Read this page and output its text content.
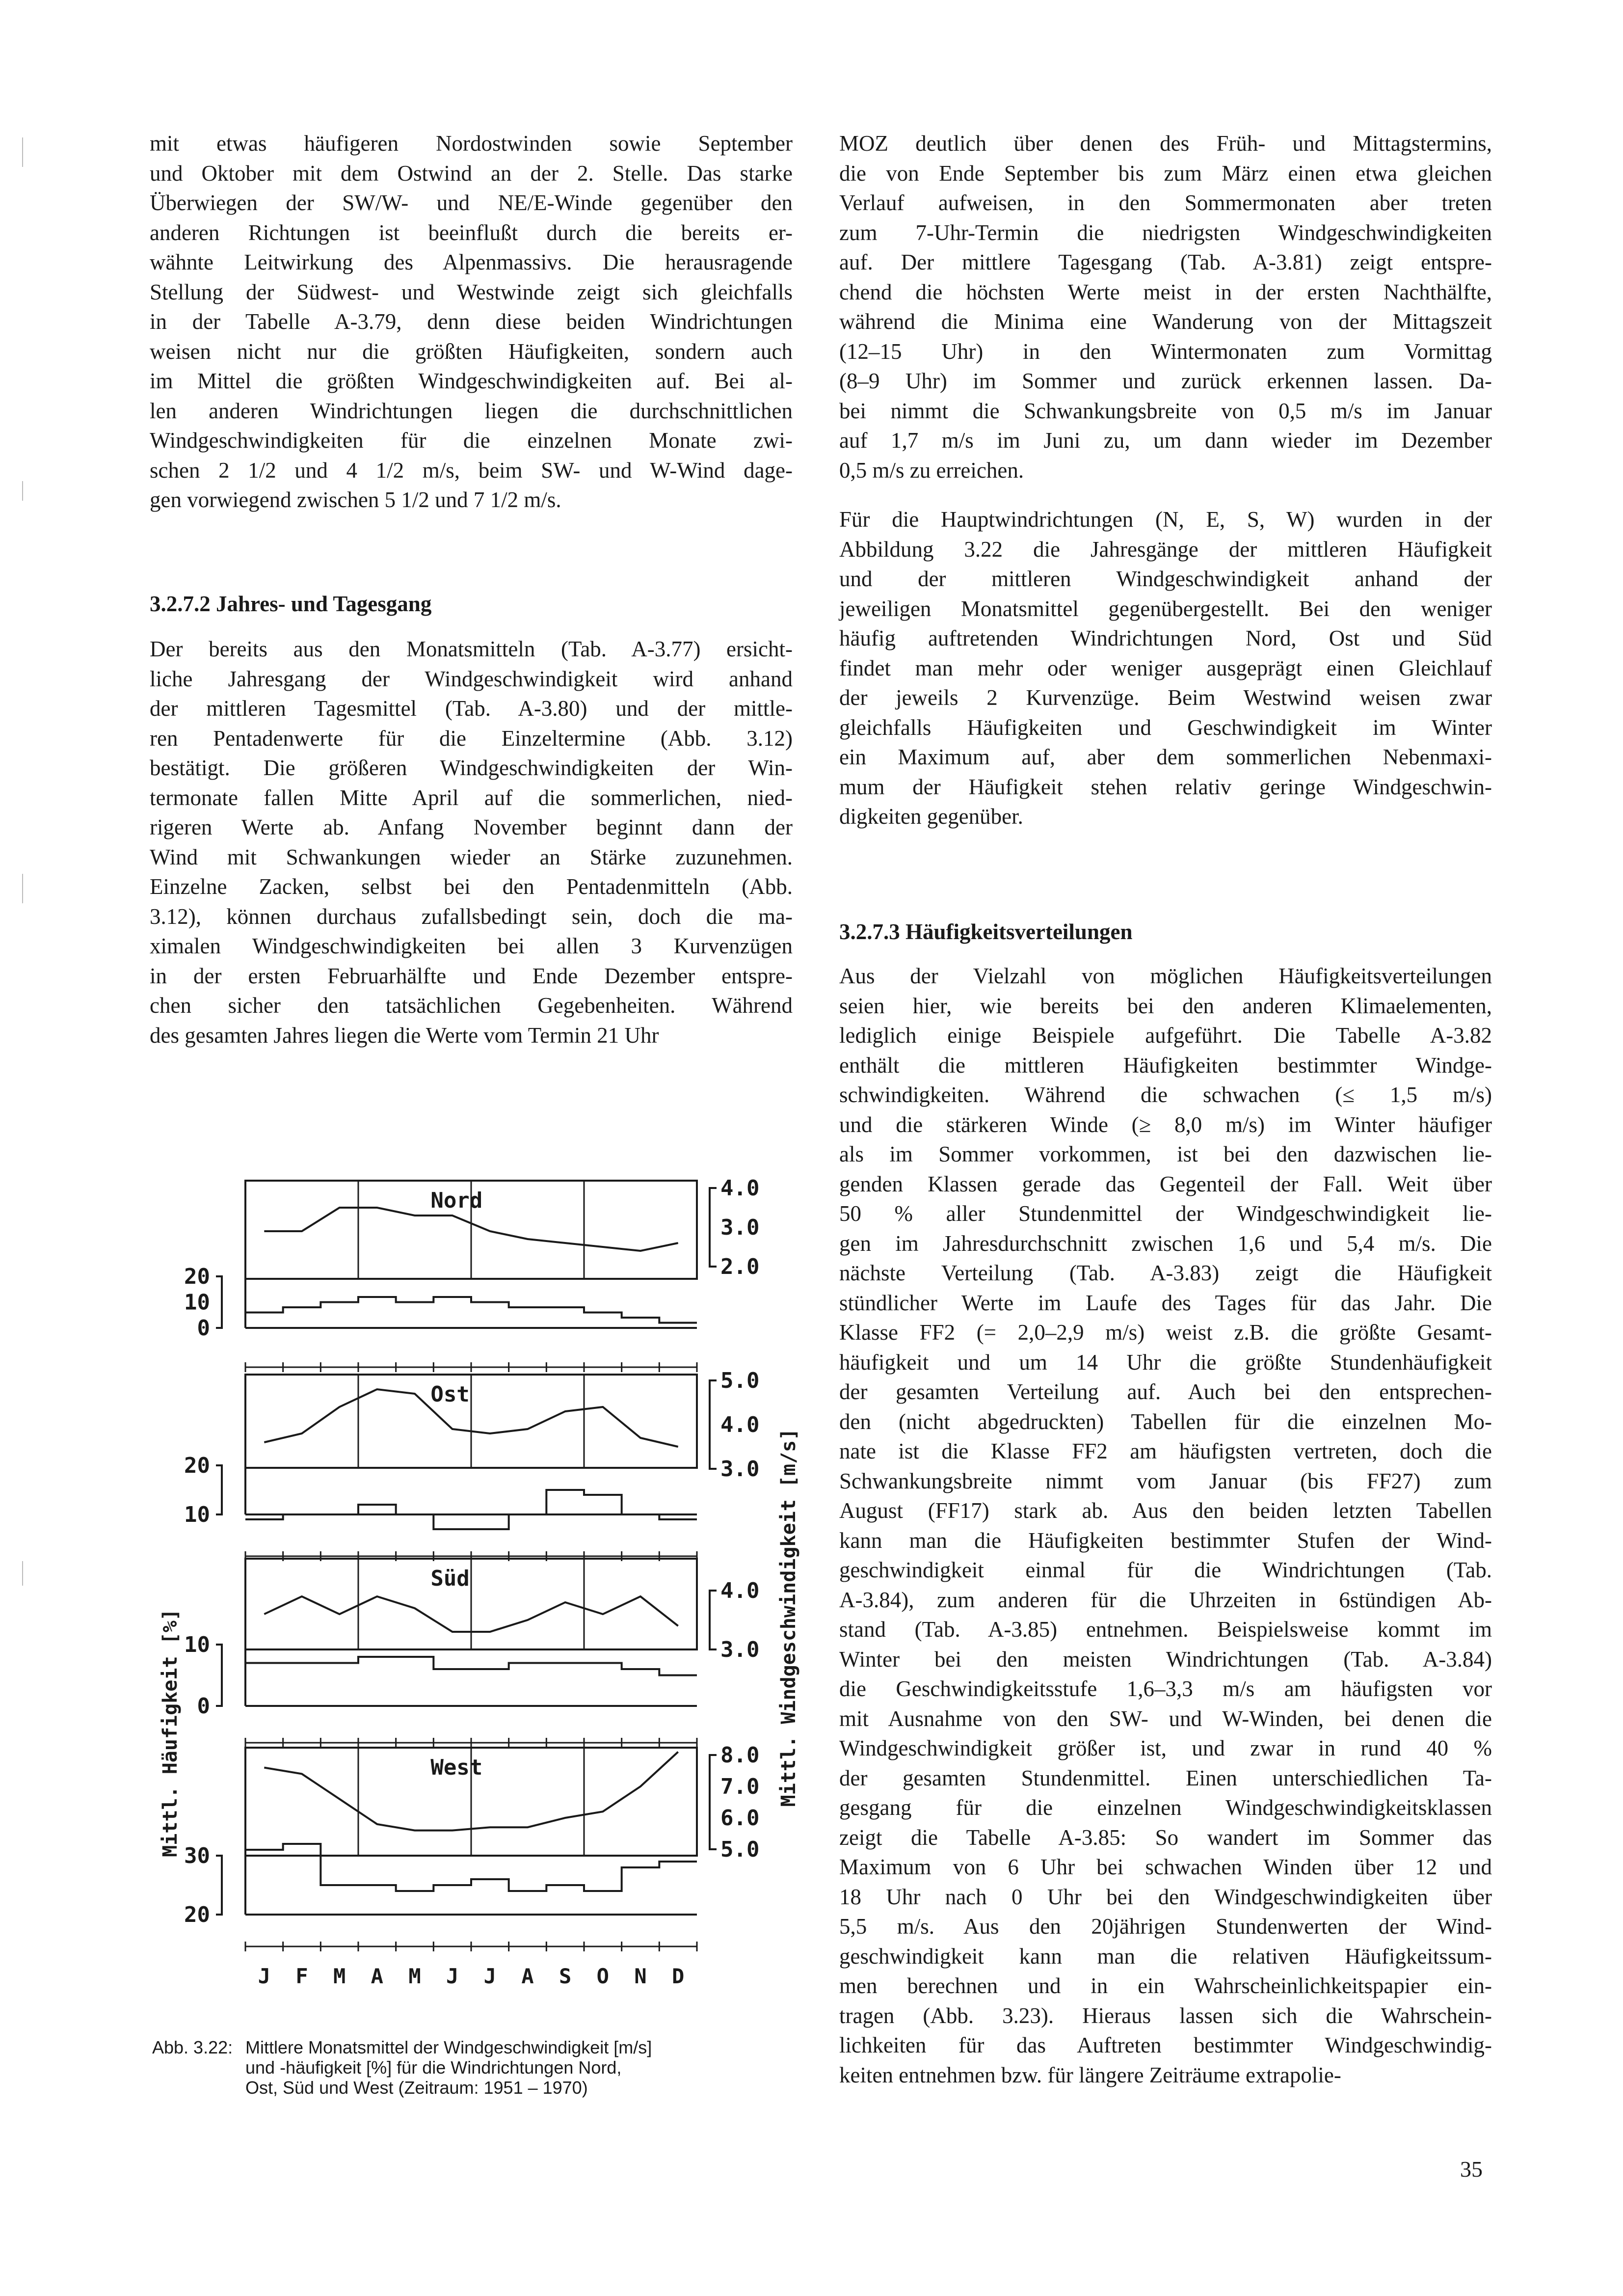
mit etwas häufigeren Nordostwinden sowie September
und Oktober mit dem Ostwind an der 2. Stelle. Das starke
Überwiegen der SW/W- und NE/E-Winde gegenüber den
anderen Richtungen ist beeinflußt durch die bereits er-
wähnte Leitwirkung des Alpenmassivs. Die herausragende
Stellung der Südwest- und Westwinde zeigt sich gleichfalls
in der Tabelle A-3.79, denn diese beiden Windrichtungen
weisen nicht nur die größten Häufigkeiten, sondern auch
im Mittel die größten Windgeschwindigkeiten auf. Bei al-
len anderen Windrichtungen liegen die durchschnittlichen
Windgeschwindigkeiten für die einzelnen Monate zwi-
schen 2 1/2 und 4 1/2 m/s, beim SW- und W-Wind dage-
gen vorwiegend zwischen 5 1/2 und 7 1/2 m/s.
3.2.7.2 Jahres- und Tagesgang
Der bereits aus den Monatsmitteln (Tab. A-3.77) ersicht-
liche Jahresgang der Windgeschwindigkeit wird anhand
der mittleren Tagesmittel (Tab. A-3.80) und der mittle-
ren Pentadenwerte für die Einzeltermine (Abb. 3.12)
bestätigt. Die größeren Windgeschwindigkeiten der Win-
termonate fallen Mitte April auf die sommerlichen, nied-
rigeren Werte ab. Anfang November beginnt dann der
Wind mit Schwankungen wieder an Stärke zuzunehmen.
Einzelne Zacken, selbst bei den Pentadenmitteln (Abb.
3.12), können durchaus zufallsbedingt sein, doch die ma-
ximalen Windgeschwindigkeiten bei allen 3 Kurvenzügen
in der ersten Februarhälfte und Ende Dezember entspre-
chen sicher den tatsächlichen Gegebenheiten. Während
des gesamten Jahres liegen die Werte vom Termin 21 Uhr
MOZ deutlich über denen des Früh- und Mittagstermins,
die von Ende September bis zum März einen etwa gleichen
Verlauf aufweisen, in den Sommermonaten aber treten
zum 7-Uhr-Termin die niedrigsten Windgeschwindigkeiten
auf. Der mittlere Tagesgang (Tab. A-3.81) zeigt entspre-
chend die höchsten Werte meist in der ersten Nachthälfte,
während die Minima eine Wanderung von der Mittagszeit
(12–15 Uhr) in den Wintermonaten zum Vormittag
(8–9 Uhr) im Sommer und zurück erkennen lassen. Da-
bei nimmt die Schwankungsbreite von 0,5 m/s im Januar
auf 1,7 m/s im Juni zu, um dann wieder im Dezember
0,5 m/s zu erreichen.
Für die Hauptwindrichtungen (N, E, S, W) wurden in der
Abbildung 3.22 die Jahresgänge der mittleren Häufigkeit
und der mittleren Windgeschwindigkeit anhand der
jeweiligen Monatsmittel gegenübergestellt. Bei den weniger
häufig auftretenden Windrichtungen Nord, Ost und Süd
findet man mehr oder weniger ausgeprägt einen Gleichlauf
der jeweils 2 Kurvenzüge. Beim Westwind weisen zwar
gleichfalls Häufigkeiten und Geschwindigkeit im Winter
ein Maximum auf, aber dem sommerlichen Nebenmaxi-
mum der Häufigkeit stehen relativ geringe Windgeschwin-
digkeiten gegenüber.
3.2.7.3 Häufigkeitsverteilungen
Aus der Vielzahl von möglichen Häufigkeitsverteilungen
seien hier, wie bereits bei den anderen Klimaelementen,
lediglich einige Beispiele aufgeführt. Die Tabelle A-3.82
enthält die mittleren Häufigkeiten bestimmter Windge-
schwindigkeiten. Während die schwachen (≤ 1,5 m/s)
und die stärkeren Winde (≥ 8,0 m/s) im Winter häufiger
als im Sommer vorkommen, ist bei den dazwischen lie-
genden Klassen gerade das Gegenteil der Fall. Weit über
50 % aller Stundenmittel der Windgeschwindigkeit lie-
gen im Jahresdurchschnitt zwischen 1,6 und 5,4 m/s. Die
nächste Verteilung (Tab. A-3.83) zeigt die Häufigkeit
stündlicher Werte im Laufe des Tages für das Jahr. Die
Klasse FF2 (= 2,0–2,9 m/s) weist z.B. die größte Gesamt-
häufigkeit und um 14 Uhr die größte Stundenhäufigkeit
der gesamten Verteilung auf. Auch bei den entsprechen-
den (nicht abgedruckten) Tabellen für die einzelnen Mo-
nate ist die Klasse FF2 am häufigsten vertreten, doch die
Schwankungsbreite nimmt vom Januar (bis FF27) zum
August (FF17) stark ab. Aus den beiden letzten Tabellen
kann man die Häufigkeiten bestimmter Stufen der Wind-
geschwindigkeit einmal für die Windrichtungen (Tab.
A-3.84), zum anderen für die Uhrzeiten in 6stündigen Ab-
stand (Tab. A-3.85) entnehmen. Beispielsweise kommt im
Winter bei den meisten Windrichtungen (Tab. A-3.84)
die Geschwindigkeitsstufe 1,6–3,3 m/s am häufigsten vor
mit Ausnahme von den SW- und W-Winden, bei denen die
Windgeschwindigkeit größer ist, und zwar in rund 40 %
der gesamten Stundenmittel. Einen unterschiedlichen Ta-
gesgang für die einzelnen Windgeschwindigkeitsklassen
zeigt die Tabelle A-3.85: So wandert im Sommer das
Maximum von 6 Uhr bei schwachen Winden über 12 und
18 Uhr nach 0 Uhr bei den Windgeschwindigkeiten über
5,5 m/s. Aus den 20jährigen Stundenwerten der Wind-
geschwindigkeit kann man die relativen Häufigkeitssum-
men berechnen und in ein Wahrscheinlichkeitspapier ein-
tragen (Abb. 3.23). Hieraus lassen sich die Wahrschein-
lichkeiten für das Auftreten bestimmter Windgeschwindig-
keiten entnehmen bzw. für längere Zeiträume extrapolie-
Nord
20
10
0
4.0
3.0
2.0
Ost
20
10
5.0
4.0
3.0
Süd
10
0
4.0
3.0
West
30
20
8.0
7.0
6.0
5.0
J F M A M J J A S O N D
Mittl. Häufigkeit [%]	Mittl. Windgeschwindigkeit [m/s]
Abb. 3.22: Mittlere Monatsmittel der Windgeschwindigkeit [m/s]
und -häufigkeit [%] für die Windrichtungen Nord,
Ost, Süd und West (Zeitraum: 1951 – 1970)
35
